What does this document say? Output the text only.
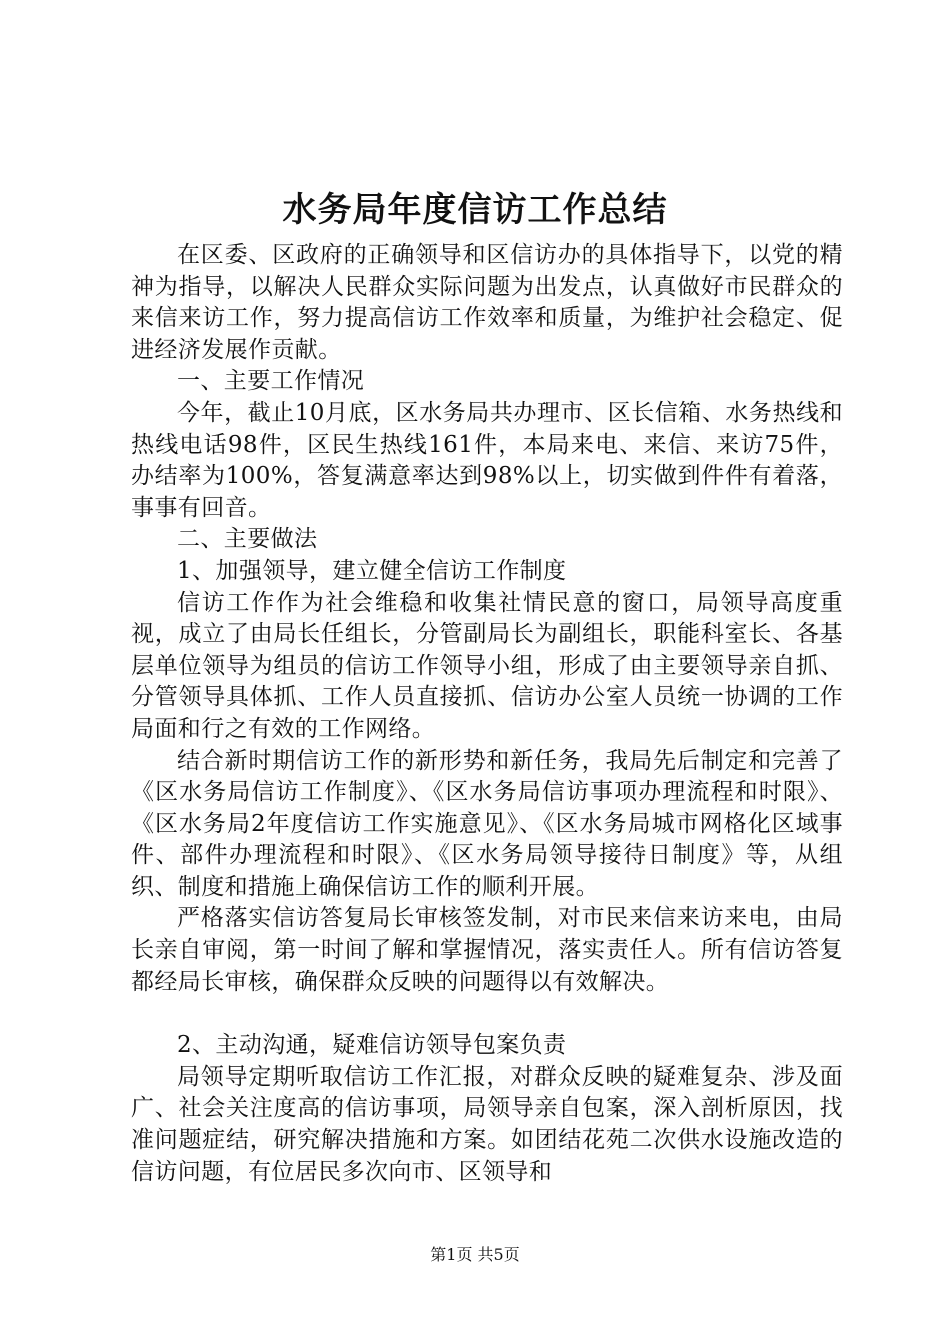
水务局年度信访工作总结

在区委、区政府的正确领导和区信访办的具体指导下，以党的精神为指导，以解决人民群众实际问题为出发点，认真做好市民群众的来信来访工作，努力提高信访工作效率和质量，为维护社会稳定、促进经济发展作贡献。

一、主要工作情况

今年，截止10月底，区水务局共办理市、区长信箱、水务热线和热线电话98件，区民生热线161件，本局来电、来信、来访75件，办结率为100%，答复满意率达到98%以上，切实做到件件有着落，事事有回音。

二、主要做法

1、加强领导，建立健全信访工作制度

信访工作作为社会维稳和收集社情民意的窗口，局领导高度重视，成立了由局长任组长，分管副局长为副组长，职能科室长、各基层单位领导为组员的信访工作领导小组，形成了由主要领导亲自抓、分管领导具体抓、工作人员直接抓、信访办公室人员统一协调的工作局面和行之有效的工作网络。

结合新时期信访工作的新形势和新任务，我局先后制定和完善了《区水务局信访工作制度》、《区水务局信访事项办理流程和时限》、《区水务局2年度信访工作实施意见》、《区水务局城市网格化区域事件、部件办理流程和时限》、《区水务局领导接待日制度》等，从组织、制度和措施上确保信访工作的顺利开展。

严格落实信访答复局长审核签发制，对市民来信来访来电，由局长亲自审阅，第一时间了解和掌握情况，落实责任人。所有信访答复都经局长审核，确保群众反映的问题得以有效解决。

2、主动沟通，疑难信访领导包案负责

局领导定期听取信访工作汇报，对群众反映的疑难复杂、涉及面广、社会关注度高的信访事项，局领导亲自包案，深入剖析原因，找准问题症结，研究解决措施和方案。如团结花苑二次供水设施改造的信访问题，有位居民多次向市、区领导和

第1页 共5页
